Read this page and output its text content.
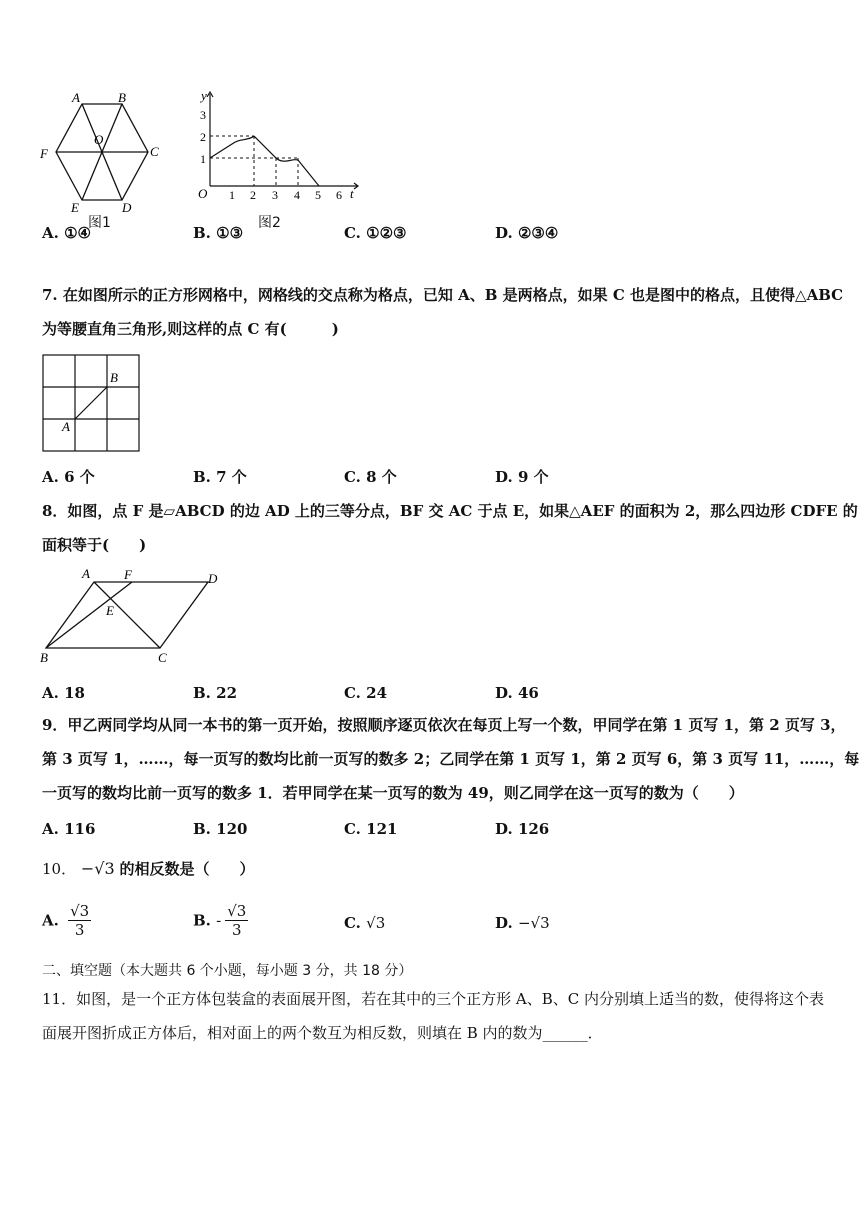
A	B
C
D
E
F
O
图1
y
t
O
1
2
3
1 2 3 4 5 6
图2
A. ①④	B. ①③	C. ①②③	D. ②③④
7. 在如图所示的正方形网格中，网格线的交点称为格点，已知 A、B 是两格点，如果 C 也是图中的格点，且使得△ABC
为等腰直角三角形,则这样的点 C 有(　　　)
B
A
A. 6 个	B. 7 个	C. 8 个	D. 9 个
8．如图，点 F 是▱ABCD 的边 AD 上的三等分点，BF 交 AC 于点 E，如果△AEF 的面积为 2，那么四边形 CDFE 的
面积等于(　　)
A	F	D
E
B	C
A. 18	B. 22	C. 24	D. 46
9．甲乙两同学均从同一本书的第一页开始，按照顺序逐页依次在每页上写一个数，甲同学在第 1 页写 1，第 2 页写 3，
第 3 页写 1，……，每一页写的数均比前一页写的数多 2；乙同学在第 1 页写 1，第 2 页写 6，第 3 页写 11，……，每
一页写的数均比前一页写的数多 1．若甲同学在某一页写的数为 49，则乙同学在这一页写的数为（　　）
A. 116	B. 120	C. 121	D. 126
10． −√3 的相反数是（　　）
A. $\frac{√3}{3}$	B. - $\frac{√3}{3}$	C. √3	D. −√3
二、填空题（本大题共 6 个小题，每小题 3 分，共 18 分）
11．如图，是一个正方体包装盒的表面展开图，若在其中的三个正方形 A、B、C 内分别填上适当的数，使得将这个表
面展开图折成正方体后，相对面上的两个数互为相反数，则填在 B 内的数为______．
